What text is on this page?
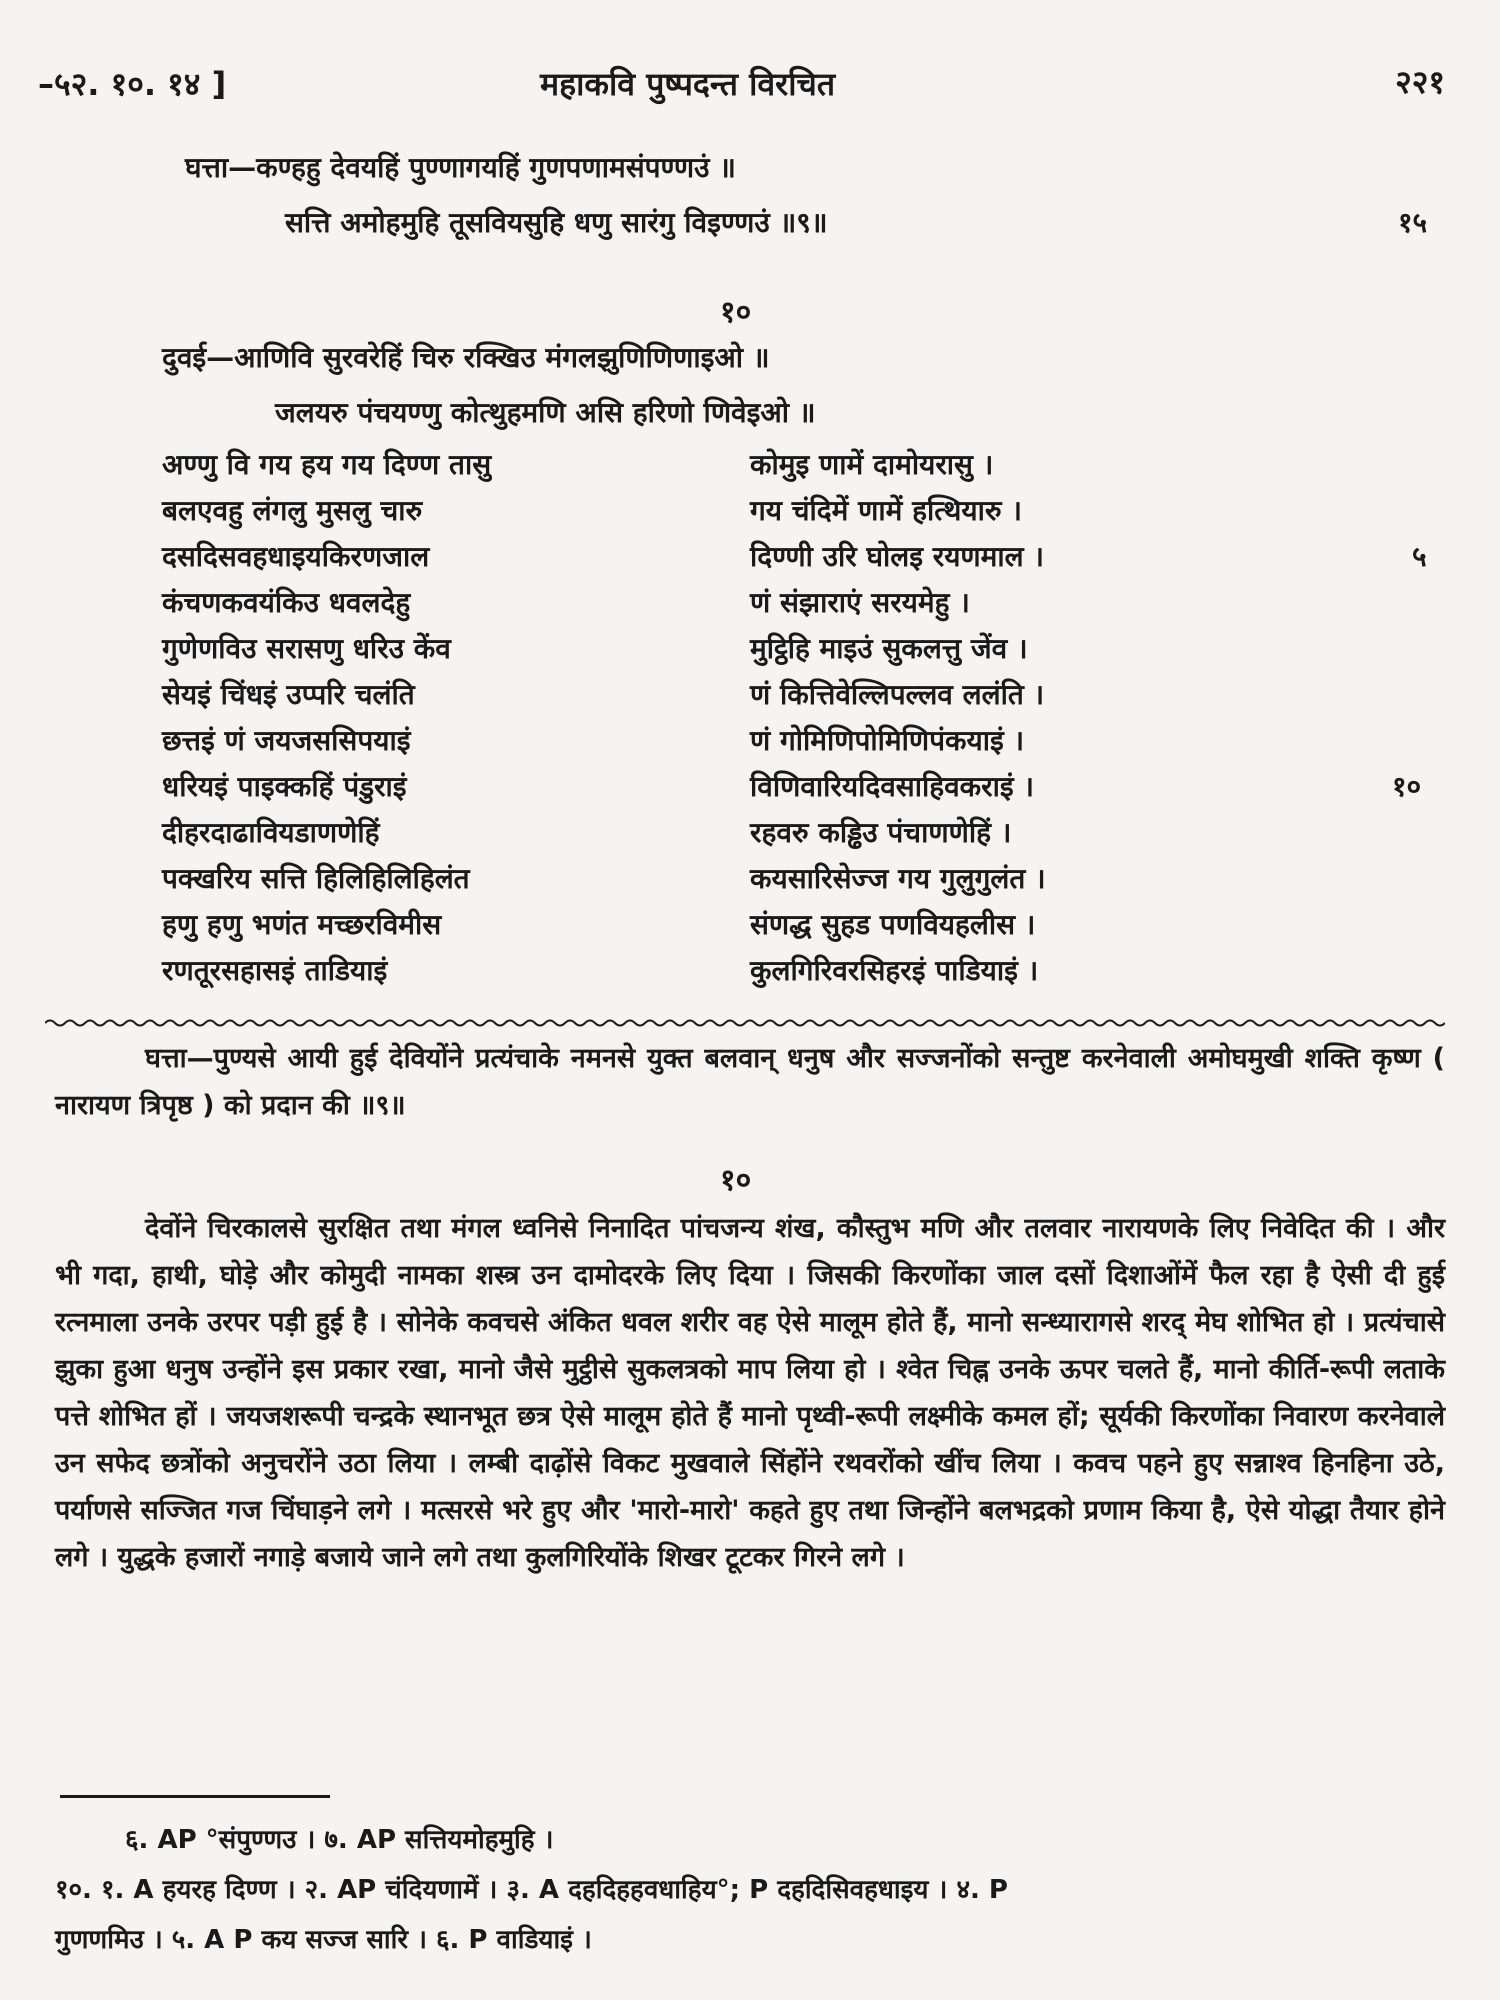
–५२. १०. १४ ]	महाकवि पुष्पदन्त विरचित	२२१
घत्ता—कण्हहु देवयहिं पुण्णागयहिं गुणपणामसंपण्णउं ॥
सत्ति अमोहमुहि तूसवियसुहि धणु सारंगु विइण्णउं ॥९॥	१५
१०
दुवई—आणिवि सुरवरेहिं चिरु रक्खिउ मंगलझुणिणिणाइओ ॥
जलयरु पंचयण्णु कोत्थुहमणि असि हरिणो णिवेइओ ॥
अण्णु वि गय हय गय दिण्ण तासु	कोमुइ णामें दामोयरासु ।
बलएवहु लंगलु मुसलु चारु	गय चंदिमें णामें हत्थियारु ।
दसदिसवहधाइयकिरणजाल	दिण्णी उरि घोलइ रयणमाल ।	५
कंचणकवयंकिउ धवलदेहु	णं संझाराएं सरयमेहु ।
गुणेणविउ सरासणु धरिउ केंव	मुट्ठिहि माइउं सुकलत्तु जेंव ।
सेयइं चिंधइं उप्परि चलंति	णं कित्तिवेल्लिपल्लव ललंति ।
छत्तइं णं जयजससिपयाइं	णं गोमिणिपोमिणिपंकयाइं ।
धरियइं पाइक्कहिं पंडुराइं	विणिवारियदिवसाहिवकराइं ।	१०
दीहरदाढावियडाणणेहिं	रहवरु कड्ढिउ पंचाणणेहिं ।
पक्खरिय सत्ति हिलिहिलिहिलंत	कयसारिसेज्ज गय गुलुगुलंत ।
हणु हणु भणंत मच्छरविमीस	संणद्ध सुहड पणवियहलीस ।
रणतूरसहासइं ताडियाइं	कुलगिरिवरसिहरइं पाडियाइं ।

घत्ता—पुण्यसे आयी हुई देवियोंने प्रत्यंचाके नमनसे युक्त बलवान् धनुष और सज्जनोंको सन्तुष्ट करनेवाली अमोघमुखी शक्ति कृष्ण ( नारायण त्रिपृष्ठ ) को प्रदान की ॥९॥

१०

देवोंने चिरकालसे सुरक्षित तथा मंगल ध्वनिसे निनादित पांचजन्य शंख, कौस्तुभ मणि और तलवार नारायणके लिए निवेदित की । और भी गदा, हाथी, घोड़े और कोमुदी नामका शस्त्र उन दामोदरके लिए दिया । जिसकी किरणोंका जाल दसों दिशाओंमें फैल रहा है ऐसी दी हुई रत्नमाला उनके उरपर पड़ी हुई है । सोनेके कवचसे अंकित धवल शरीर वह ऐसे मालूम होते हैं, मानो सन्ध्यारागसे शरद् मेघ शोभित हो । प्रत्यंचासे झुका हुआ धनुष उन्होंने इस प्रकार रखा, मानो जैसे मुट्ठीसे सुकलत्रको माप लिया हो । श्वेत चिह्न उनके ऊपर चलते हैं, मानो कीर्ति-रूपी लताके पत्ते शोभित हों । जयजशरूपी चन्द्रके स्थानभूत छत्र ऐसे मालूम होते हैं मानो पृथ्वी-रूपी लक्ष्मीके कमल हों; सूर्यकी किरणोंका निवारण करनेवाले उन सफेद छत्रोंको अनुचरोंने उठा लिया । लम्बी दाढ़ोंसे विकट मुखवाले सिंहोंने रथवरोंको खींच लिया । कवच पहने हुए सन्नाश्व हिनहिना उठे, पर्याणसे सज्जित गज चिंघाड़ने लगे । मत्सरसे भरे हुए और 'मारो-मारो' कहते हुए तथा जिन्होंने बलभद्रको प्रणाम किया है, ऐसे योद्धा तैयार होने लगे । युद्धके हजारों नगाड़े बजाये जाने लगे तथा कुलगिरियोंके शिखर टूटकर गिरने लगे ।

६. AP °संपुण्णउ । ७. AP सत्तियमोहमुहि ।
१०. १. A हयरह दिण्ण । २. AP चंदियणामें । ३. A दहदिहहवधाहिय°; P दहदिसिवहधाइय । ४. P
गुणणमिउ । ५. A P कय सज्ज सारि । ६. P वाडियाइं ।
